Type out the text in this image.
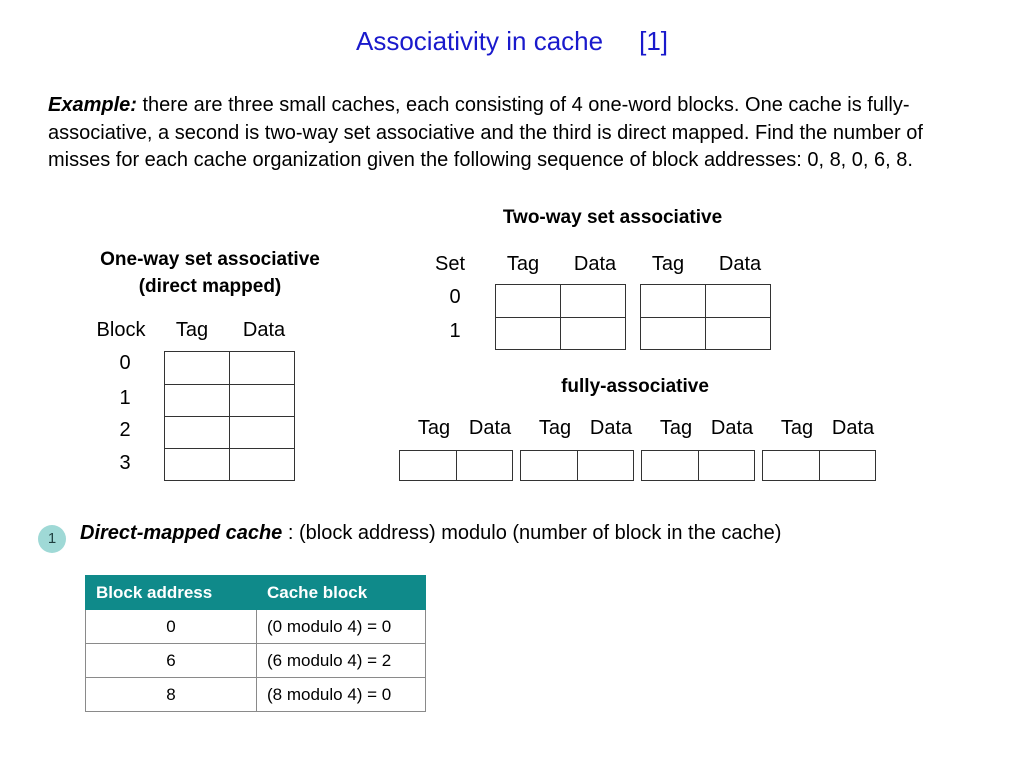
Associativity in cache [1]
Example: there are three small caches, each consisting of 4 one-word blocks. One cache is fully-associative, a second is two-way set associative and the third is direct mapped. Find the number of misses for each cache organization given the following sequence of block addresses: 0, 8, 0, 6, 8.
One-way set associative
(direct mapped)
Block	Tag	Data
0
1
2
3
Two-way set associative
Set	Tag	Data	Tag	Data
0
1
fully-associative
Tag Data	Tag Data	Tag Data	Tag Data
1	Direct-mapped cache : (block address) modulo (number of block in the cache)
Block address	Cache block
0	(0 modulo 4) = 0
6	(6 modulo 4) = 2
8	(8 modulo 4) = 0
